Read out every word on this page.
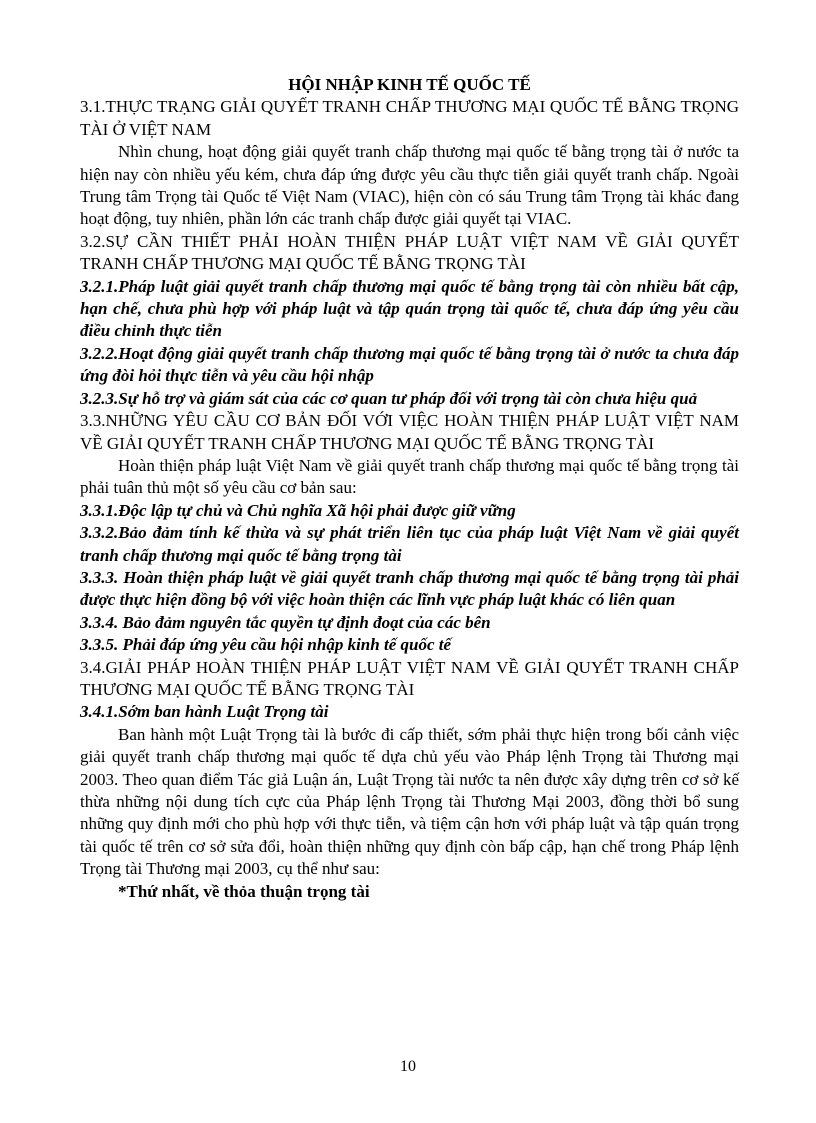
HỘI NHẬP KINH TẾ QUỐC TẾ
3.1.THỰC TRẠNG GIẢI QUYẾT TRANH CHẤP THƯƠNG MẠI QUỐC TẾ BẰNG TRỌNG TÀI Ở VIỆT NAM
Nhìn chung, hoạt động giải quyết tranh chấp thương mại quốc tế bằng trọng tài ở nước ta hiện nay còn nhiều yếu kém, chưa đáp ứng được yêu cầu thực tiễn giải quyết tranh chấp. Ngoài Trung tâm Trọng tài Quốc tế Việt Nam (VIAC), hiện còn có sáu Trung tâm Trọng tài khác đang hoạt động, tuy nhiên, phần lớn các tranh chấp được giải quyết tại VIAC.
3.2.SỰ CẦN THIẾT PHẢI HOÀN THIỆN PHÁP LUẬT VIỆT NAM VỀ GIẢI QUYẾT TRANH CHẤP THƯƠNG MẠI QUỐC TẾ BẰNG TRỌNG TÀI
3.2.1.Pháp luật giải quyết tranh chấp thương mại quốc tế bằng trọng tài còn nhiều bất cập, hạn chế, chưa phù hợp với pháp luật và tập quán trọng tài quốc tế, chưa đáp ứng yêu cầu điều chỉnh thực tiễn
3.2.2.Hoạt động giải quyết tranh chấp thương mại quốc tế bằng trọng tài ở nước ta chưa đáp ứng đòi hỏi thực tiễn và yêu cầu hội nhập
3.2.3.Sự hỗ trợ và giám sát của các cơ quan tư pháp đối với trọng tài còn chưa hiệu quả
3.3.NHỮNG YÊU CẦU CƠ BẢN ĐỐI VỚI VIỆC HOÀN THIỆN PHÁP LUẬT VIỆT NAM VỀ GIẢI QUYẾT TRANH CHẤP THƯƠNG MẠI QUỐC TẾ BẰNG TRỌNG TÀI
Hoàn thiện pháp luật Việt Nam về giải quyết tranh chấp thương mại quốc tế bằng trọng tài phải tuân thủ một số yêu cầu cơ bản sau:
3.3.1.Độc lập tự chủ và Chủ nghĩa Xã hội phải được giữ vững
3.3.2.Bảo đảm tính kế thừa và sự phát triển liên tục của pháp luật Việt Nam về giải quyết tranh chấp thương mại quốc tế bằng trọng tài
3.3.3. Hoàn thiện pháp luật về giải quyết tranh chấp thương mại quốc tế bằng trọng tài phải được thực hiện đồng bộ với việc hoàn thiện các lĩnh vực pháp luật khác có liên quan
3.3.4. Bảo đảm nguyên tắc quyền tự định đoạt của các bên
3.3.5. Phải đáp ứng yêu cầu hội nhập kinh tế quốc tế
3.4.GIẢI PHÁP HOÀN THIỆN PHÁP LUẬT VIỆT NAM VỀ GIẢI QUYẾT TRANH CHẤP THƯƠNG MẠI QUỐC TẾ BẰNG TRỌNG TÀI
3.4.1.Sớm ban hành Luật Trọng tài
Ban hành một Luật Trọng tài là bước đi cấp thiết, sớm phải thực hiện trong bối cảnh việc giải quyết tranh chấp thương mại quốc tế dựa chủ yếu vào Pháp lệnh Trọng tài Thương mại 2003. Theo quan điểm Tác giả Luận án, Luật Trọng tài nước ta nên được xây dựng trên cơ sở kế thừa những nội dung tích cực của Pháp lệnh Trọng tài Thương Mại 2003, đồng thời bổ sung những quy định mới cho phù hợp với thực tiễn, và tiệm cận hơn với pháp luật và tập quán trọng tài quốc tế trên cơ sở sửa đổi, hoàn thiện những quy định còn bấp cập, hạn chế trong Pháp lệnh Trọng tài Thương mại 2003, cụ thể như sau:
*Thứ nhất, về thỏa thuận trọng tài
10
